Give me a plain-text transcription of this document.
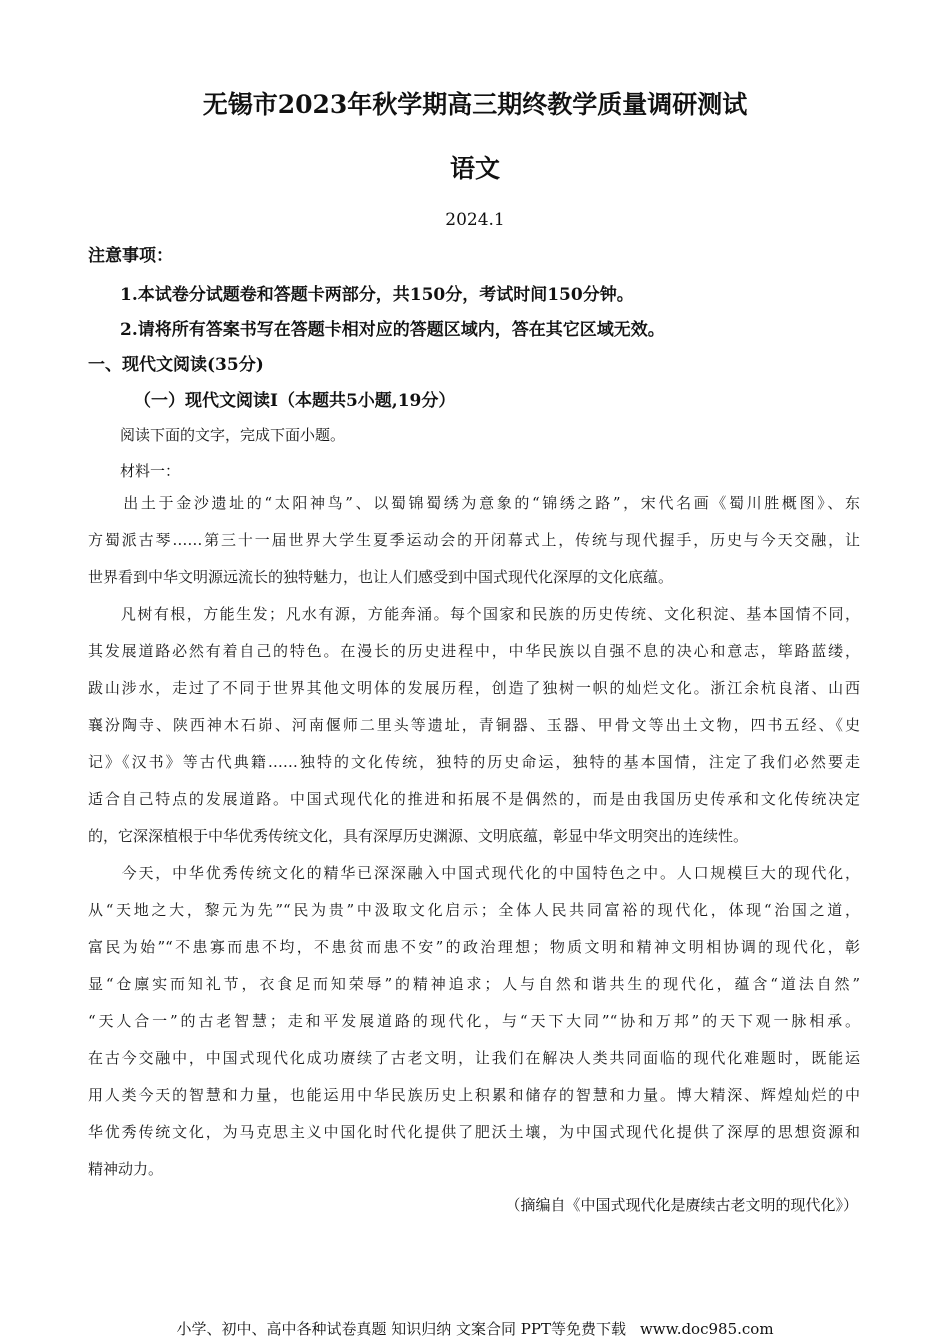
无锡市2023年秋学期高三期终教学质量调研测试
语文
2024.1
注意事项：
1.本试卷分试题卷和答题卡两部分，共150分，考试时间150分钟。
2.请将所有答案书写在答题卡相对应的答题区域内，答在其它区域无效。
一、现代文阅读(35分)
（一）现代文阅读Ⅰ（本题共5小题,19分）
阅读下面的文字，完成下面小题。
材料一：
　　出土于金沙遗址的“太阳神鸟”、以蜀锦蜀绣为意象的“锦绣之路”，宋代名画《蜀川胜概图》、东
方蜀派古琴……第三十一届世界大学生夏季运动会的开闭幕式上，传统与现代握手，历史与今天交融，让
世界看到中华文明源远流长的独特魅力，也让人们感受到中国式现代化深厚的文化底蕴。
　　凡树有根，方能生发；凡水有源，方能奔涌。每个国家和民族的历史传统、文化积淀、基本国情不同，
其发展道路必然有着自己的特色。在漫长的历史进程中，中华民族以自强不息的决心和意志，筚路蓝缕，
跋山涉水，走过了不同于世界其他文明体的发展历程，创造了独树一帜的灿烂文化。浙江余杭良渚、山西
襄汾陶寺、陕西神木石峁、河南偃师二里头等遗址，青铜器、玉器、甲骨文等出土文物，四书五经、《史
记》《汉书》等古代典籍……独特的文化传统，独特的历史命运，独特的基本国情，注定了我们必然要走
适合自己特点的发展道路。中国式现代化的推进和拓展不是偶然的，而是由我国历史传承和文化传统决定
的，它深深植根于中华优秀传统文化，具有深厚历史渊源、文明底蕴，彰显中华文明突出的连续性。
　　今天，中华优秀传统文化的精华已深深融入中国式现代化的中国特色之中。人口规模巨大的现代化，
从“天地之大，黎元为先”“民为贵”中汲取文化启示；全体人民共同富裕的现代化，体现“治国之道，
富民为始”“不患寡而患不均，不患贫而患不安”的政治理想；物质文明和精神文明相协调的现代化，彰
显“仓廪实而知礼节，衣食足而知荣辱”的精神追求；人与自然和谐共生的现代化，蕴含“道法自然”
“天人合一”的古老智慧；走和平发展道路的现代化，与“天下大同”“协和万邦”的天下观一脉相承。
在古今交融中，中国式现代化成功赓续了古老文明，让我们在解决人类共同面临的现代化难题时，既能运
用人类今天的智慧和力量，也能运用中华民族历史上积累和储存的智慧和力量。博大精深、辉煌灿烂的中
华优秀传统文化，为马克思主义中国化时代化提供了肥沃土壤，为中国式现代化提供了深厚的思想资源和
精神动力。
（摘编自《中国式现代化是赓续古老文明的现代化》）
小学、初中、高中各种试卷真题 知识归纳 文案合同 PPT等免费下载 www.doc985.com
